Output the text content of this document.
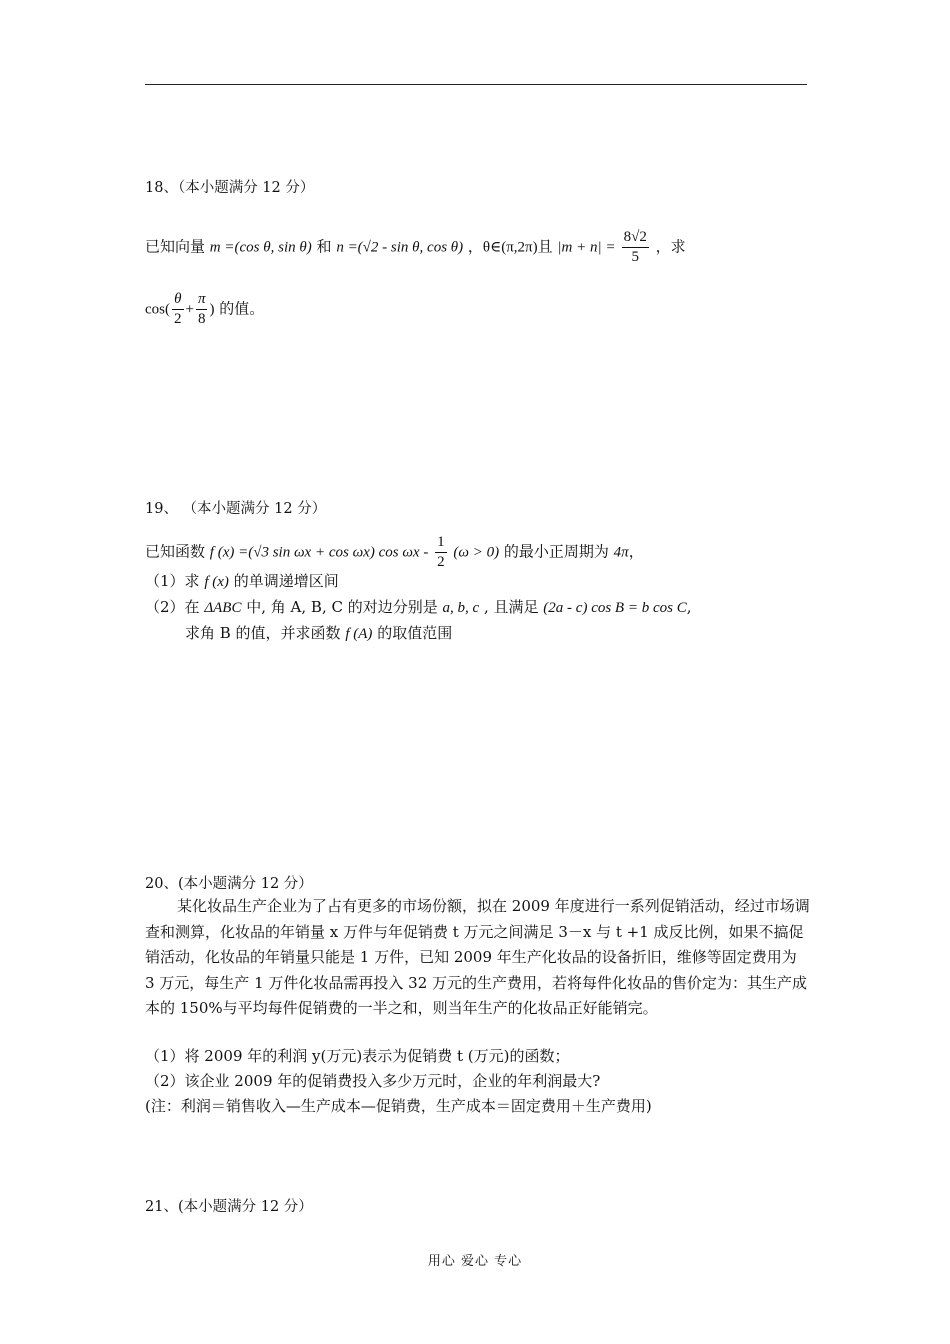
18、（本小题满分 12 分）
已知向量 m =(cos θ, sin θ) 和 n =(√2 - sin θ, cos θ) ，θ∈(π,2π)且 $|m + n| = \frac{8√2}{5}$ ，求
$\cos( \frac{\theta}{2} + \frac{\pi}{8}$ ) 的值。
19、 （本小题满分 12 分）
已知函数 f (x) =(√3 sin ωx + cos ωx) $\cos \omega x - \frac{1}{2} (\omega > 0)$ 的最小正周期为 4π，
（1）求 f (x) 的单调递增区间
（2）在 ΔABC 中, 角 A, B, C 的对边分别是 a, b, c , 且满足 (2a - c) cos B = b cos C,
求角 B 的值，并求函数 f (A) 的取值范围
20、(本小题满分 12 分）
某化妆品生产企业为了占有更多的市场份额，拟在 2009 年度进行一系列促销活动，经过市场调查和测算，化妆品的年销量 x 万件与年促销费 t 万元之间满足 3－x 与 t +1 成反比例，如果不搞促销活动，化妆品的年销量只能是 1 万件，已知 2009 年生产化妆品的设备折旧，维修等固定费用为 3 万元，每生产 1 万件化妆品需再投入 32 万元的生产费用，若将每件化妆品的售价定为：其生产成本的 150%与平均每件促销费的一半之和，则当年生产的化妆品正好能销完。
（1）将 2009 年的利润 y(万元)表示为促销费 t (万元)的函数；
（2）该企业 2009 年的促销费投入多少万元时，企业的年利润最大?
(注：利润＝销售收入—生产成本—促销费，生产成本＝固定费用＋生产费用)
21、(本小题满分 12 分）
用心 爱心 专心
